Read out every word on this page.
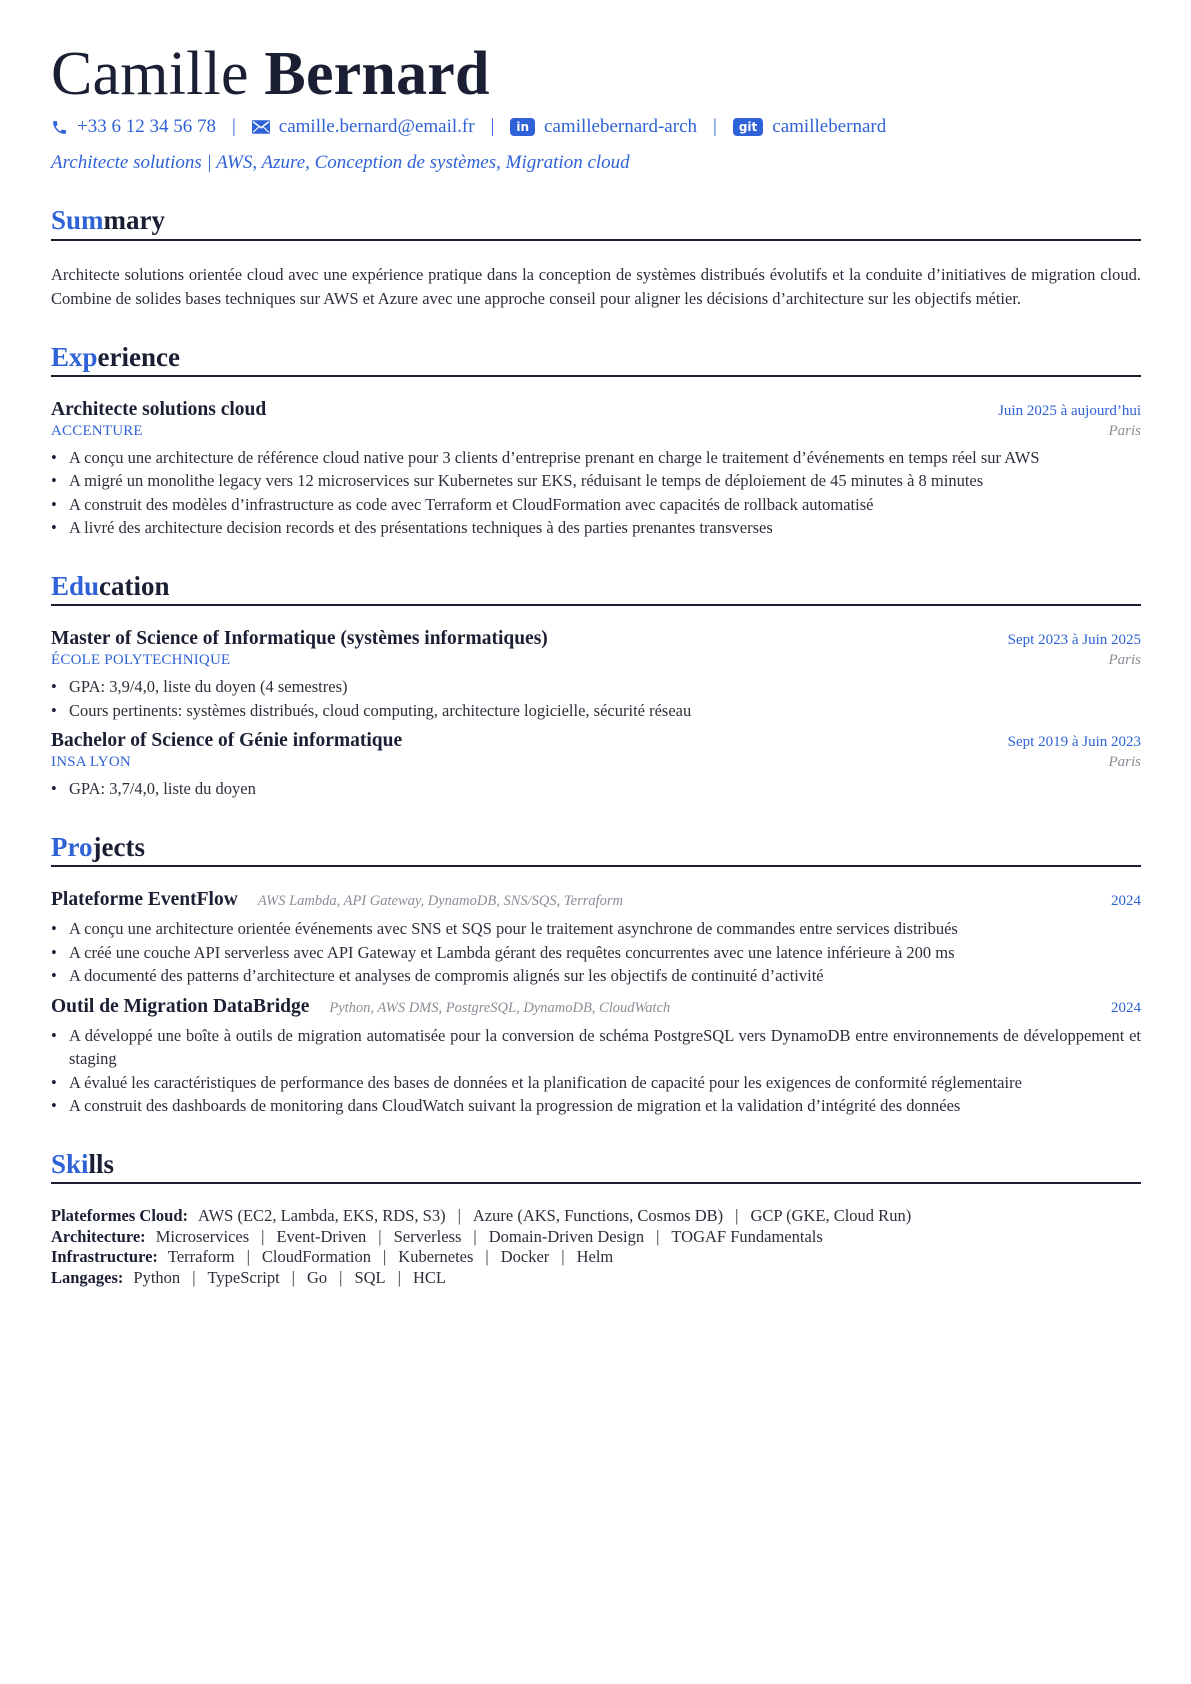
Camille Bernard
+33 6 12 34 56 78 | camille.bernard@email.fr |	in camillebernard-arch |	git camillebernard
Architecte solutions | AWS, Azure, Conception de systèmes, Migration cloud
Summary
Architecte solutions orientée cloud avec une expérience pratique dans la conception de systèmes distribués évolutifs et la conduite d’initiatives de migration cloud. Combine de solides bases techniques sur AWS et Azure avec une approche conseil pour aligner les décisions d’architecture sur les objectifs métier.
Experience
Architecte solutions cloud	Juin 2025 à aujourd’hui
ACCENTURE	Paris
• A conçu une architecture de référence cloud native pour 3 clients d’entreprise prenant en charge le traitement d’événements en temps réel sur AWS
• A migré un monolithe legacy vers 12 microservices sur Kubernetes sur EKS, réduisant le temps de déploiement de 45 minutes à 8 minutes
• A construit des modèles d’infrastructure as code avec Terraform et CloudFormation avec capacités de rollback automatisé
• A livré des architecture decision records et des présentations techniques à des parties prenantes transverses
Education
Master of Science of Informatique (systèmes informatiques)	Sept 2023 à Juin 2025
ÉCOLE POLYTECHNIQUE	Paris
• GPA: 3,9/4,0, liste du doyen (4 semestres)
• Cours pertinents: systèmes distribués, cloud computing, architecture logicielle, sécurité réseau
Bachelor of Science of Génie informatique	Sept 2019 à Juin 2023
INSA LYON	Paris
• GPA: 3,7/4,0, liste du doyen
Projects
Plateforme EventFlow AWS Lambda, API Gateway, DynamoDB, SNS/SQS, Terraform	2024
• A conçu une architecture orientée événements avec SNS et SQS pour le traitement asynchrone de commandes entre services distribués
• A créé une couche API serverless avec API Gateway et Lambda gérant des requêtes concurrentes avec une latence inférieure à 200 ms
• A documenté des patterns d’architecture et analyses de compromis alignés sur les objectifs de continuité d’activité
Outil de Migration DataBridge Python, AWS DMS, PostgreSQL, DynamoDB, CloudWatch	2024
• A développé une boîte à outils de migration automatisée pour la conversion de schéma PostgreSQL vers DynamoDB entre environnements de développement et staging
• A évalué les caractéristiques de performance des bases de données et la planification de capacité pour les exigences de conformité réglementaire
• A construit des dashboards de monitoring dans CloudWatch suivant la progression de migration et la validation d’intégrité des données
Skills
Plateformes Cloud: AWS (EC2, Lambda, EKS, RDS, S3) | Azure (AKS, Functions, Cosmos DB) | GCP (GKE, Cloud Run)
Architecture: Microservices | Event-Driven | Serverless | Domain-Driven Design | TOGAF Fundamentals
Infrastructure: Terraform | CloudFormation | Kubernetes | Docker | Helm
Langages: Python | TypeScript | Go | SQL | HCL
